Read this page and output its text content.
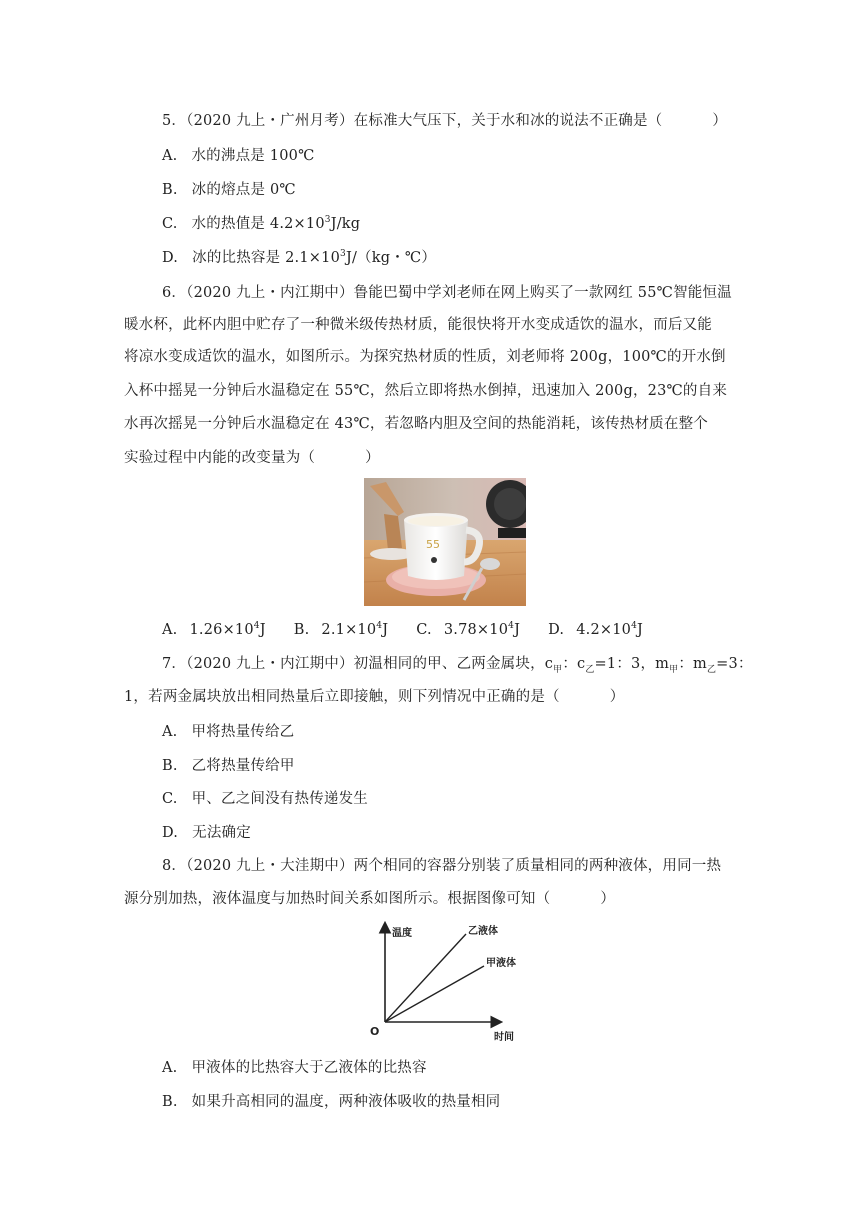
5．（2020 九上・广州月考）在标准大气压下，关于水和冰的说法不正确是（	）
A. 水的沸点是 100℃
B. 冰的熔点是 0℃
C. 水的热值是 $4.2\times 10^3J/kg$
D. 冰的比热容是 $2.1\times 10^3J/(kg$・℃）
6．（2020 九上・内江期中）鲁能巴蜀中学刘老师在网上购买了一款网红 55℃智能恒温
暖水杯，此杯内胆中贮存了一种微米级传热材质，能很快将开水变成适饮的温水，而后又能
将凉水变成适饮的温水，如图所示。为探究热材质的性质，刘老师将 200g，100℃的开水倒
入杯中摇晃一分钟后水温稳定在 55℃，然后立即将热水倒掉，迅速加入 200g，23℃的自来
水再次摇晃一分钟后水温稳定在 43℃，若忽略内胆及空间的热能消耗，该传热材质在整个
实验过程中内能的改变量为（	）
55
A. $1.26\times 10^4J$ B. $2.1\times 10^4J$ C. $3.78\times 10^4J$ D. $4.2\times 10^4J$
7．（2020 九上・内江期中）初温相同的甲、乙两金属块，$c_甲$：$c_乙=1$：3，$m_甲$：$m_乙=3$：
1，若两金属块放出相同热量后立即接触，则下列情况中正确的是（	）
A. 甲将热量传给乙
B. 乙将热量传给甲
C. 甲、乙之间没有热传递发生
D. 无法确定
8．（2020 九上・大洼期中）两个相同的容器分别装了质量相同的两种液体，用同一热
源分别加热，液体温度与加热时间关系如图所示。根据图像可知（	）
温度
时间
O
乙液体
甲液体
A. 甲液体的比热容大于乙液体的比热容
B. 如果升高相同的温度，两种液体吸收的热量相同
